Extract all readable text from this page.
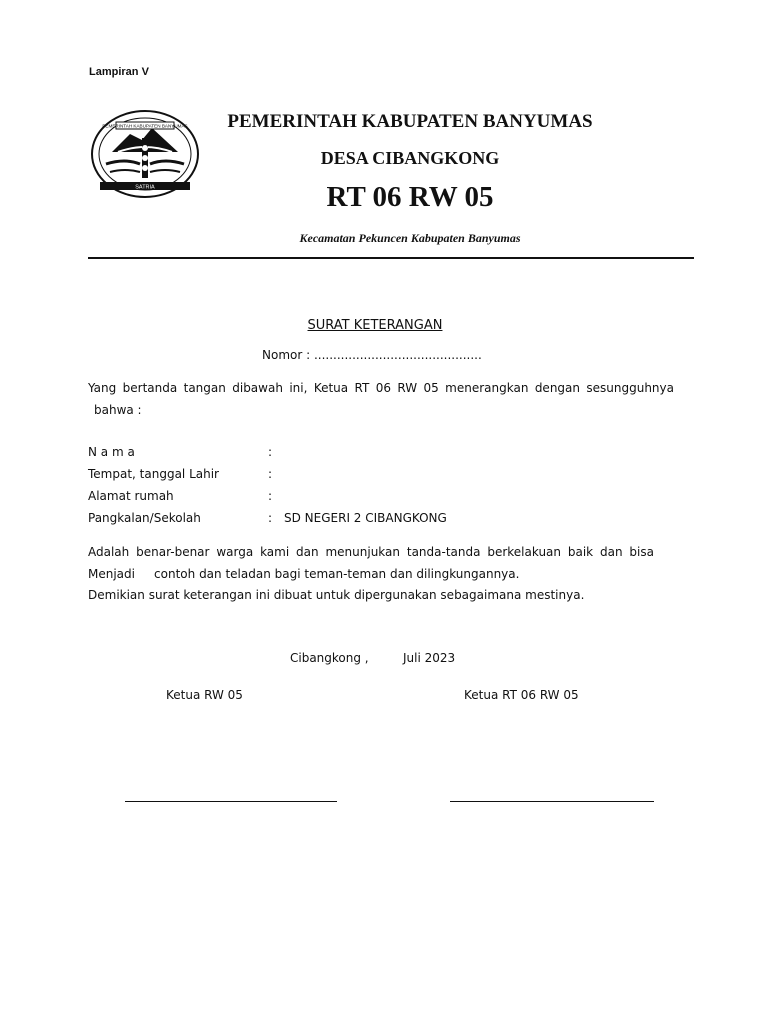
Lampiran V
PEMERINTAH KABUPATEN BANYUMAS
SATRIA
PEMERINTAH KABUPATEN BANYUMAS
DESA CIBANGKONG
RT 06 RW 05
Kecamatan Pekuncen Kabupaten Banyumas
SURAT KETERANGAN
Nomor : ............................................
Yang bertanda tangan dibawah ini, Ketua RT 06 RW 05 menerangkan dengan sesungguhnya
bahwa :
N a m a	:
Tempat, tanggal Lahir	:
Alamat rumah	:
Pangkalan/Sekolah	: SD NEGERI 2 CIBANGKONG
Adalah benar-benar warga kami dan menunjukan tanda-tanda berkelakuan baik dan bisa
Menjadi     contoh dan teladan bagi teman-teman dan dilingkungannya.
Demikian surat keterangan ini dibuat untuk dipergunakan sebagaimana mestinya.
Cibangkong ,	Juli 2023
Ketua RW 05	Ketua RT 06 RW 05
